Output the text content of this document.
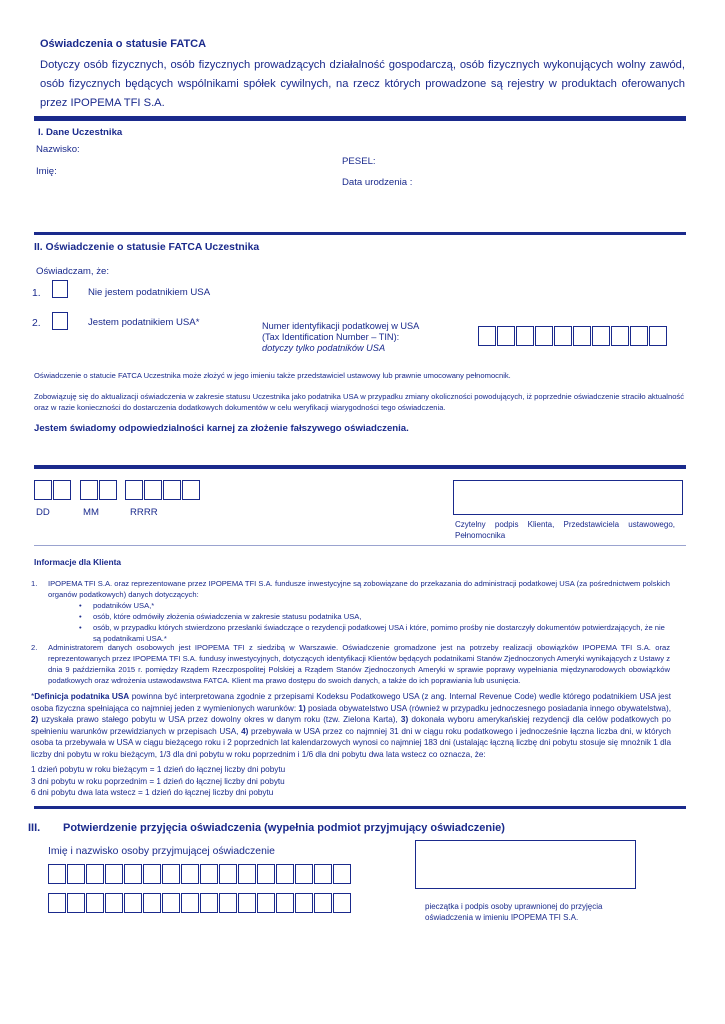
Oświadczenia o statusie FATCA
Dotyczy osób fizycznych, osób fizycznych prowadzących działalność gospodarczą, osób fizycznych wykonujących wolny zawód, osób fizycznych będących wspólnikami spółek cywilnych, na rzecz których prowadzone są rejestry w produktach oferowanych przez IPOPEMA TFI S.A.
I. Dane Uczestnika
Nazwisko:
Imię:
PESEL:
Data urodzenia :
II. Oświadczenie o statusie FATCA Uczestnika
Oświadczam, że:
1.	Nie jestem podatnikiem USA
2.	Jestem podatnikiem USA*	Numer identyfikacji podatkowej w USA
(Tax Identification Number – TIN):
dotyczy tylko podatników USA
Oświadczenie o statucie FATCA Uczestnika może złożyć w jego imieniu także przedstawiciel ustawowy lub prawnie umocowany pełnomocnik.
Zobowiązuję się do aktualizacji oświadczenia w zakresie statusu Uczestnika jako podatnika USA w przypadku zmiany okoliczności powodujących, iż poprzednie oświadczenie straciło aktualność oraz w razie konieczności do dostarczenia dodatkowych dokumentów w celu weryfikacji wiarygodności tego oświadczenia.
Jestem świadomy odpowiedzialności karnej za złożenie fałszywego oświadczenia.
DD	MM	RRRR
Czytelny podpis Klienta, Przedstawiciela ustawowego, Pełnomocnika
Informacje dla Klienta
1. IPOPEMA TFI S.A. oraz reprezentowane przez IPOPEMA TFI S.A. fundusze inwestycyjne są zobowiązane do przekazania do administracji podatkowej USA (za pośrednictwem polskich organów podatkowych) danych dotyczących:
• podatników USA,*
• osób, które odmówiły złożenia oświadczenia w zakresie statusu podatnika USA,
• osób, w przypadku których stwierdzono przesłanki świadczące o rezydencji podatkowej USA i które, pomimo prośby nie dostarczyły dokumentów potwierdzających, że nie są podatnikami USA.*
2. Administratorem danych osobowych jest IPOPEMA TFI z siedzibą w Warszawie. Oświadczenie gromadzone jest na potrzeby realizacji obowiązków IPOPEMA TFI S.A. oraz reprezentowanych przez IPOPEMA TFI S.A. fundusy inwestycyjnych, dotyczących identyfikacji Klientów będących podatnikami Stanów Zjednoczonych Ameryki wynikających z Ustawy z dnia 9 października 2015 r. pomiędzy Rządem Rzeczpospolitej Polskiej a Rządem Stanów Zjednoczonych Ameryki w sprawie poprawy wypełniania międzynarodowych obowiązków podatkowych oraz wdrożenia ustawodawstwa FATCA. Klient ma prawo dostępu do swoich danych, a także do ich poprawiania lub usunięcia.
*Definicja podatnika USA powinna być interpretowana zgodnie z przepisami Kodeksu Podatkowego USA (z ang. Internal Revenue Code) wedle którego podatnikiem USA jest osoba fizyczna spełniająca co najmniej jeden z wymienionych warunków: 1) posiada obywatelstwo USA (również w przypadku jednoczesnego posiadania innego obywatelstwa), 2) uzyskała prawo stałego pobytu w USA przez dowolny okres w danym roku (tzw. Zielona Karta), 3) dokonała wyboru amerykańskiej rezydencji dla celów podatkowych po spełnieniu warunków przewidzianych w przepisach USA, 4) przebywała w USA przez co najmniej 31 dni w ciągu roku podatkowego i jednocześnie łączna liczba dni, w których osoba ta przebywała w USA w ciągu bieżącego roku i 2 poprzednich lat kalendarzowych wynosi co najmniej 183 dni (ustalając łączną liczbę dni pobytu stosuje się mnożnik 1 dla liczby dni pobytu w roku bieżącym, 1/3 dla dni pobytu w roku poprzednim i 1/6 dla dni pobytu dwa lata wstecz co oznacza, że:
1 dzień pobytu w roku bieżącym = 1 dzień do łącznej liczby dni pobytu
3 dni pobytu w roku poprzednim = 1 dzień do łącznej liczby dni pobytu
6 dni pobytu dwa lata wstecz = 1 dzień do łącznej liczby dni pobytu
III. Potwierdzenie przyjęcia oświadczenia (wypełnia podmiot przyjmujący oświadczenie)
Imię i nazwisko osoby przyjmującej oświadczenie
pieczątka i podpis osoby uprawnionej do przyjęcia oświadczenia w imieniu IPOPEMA TFI S.A.
